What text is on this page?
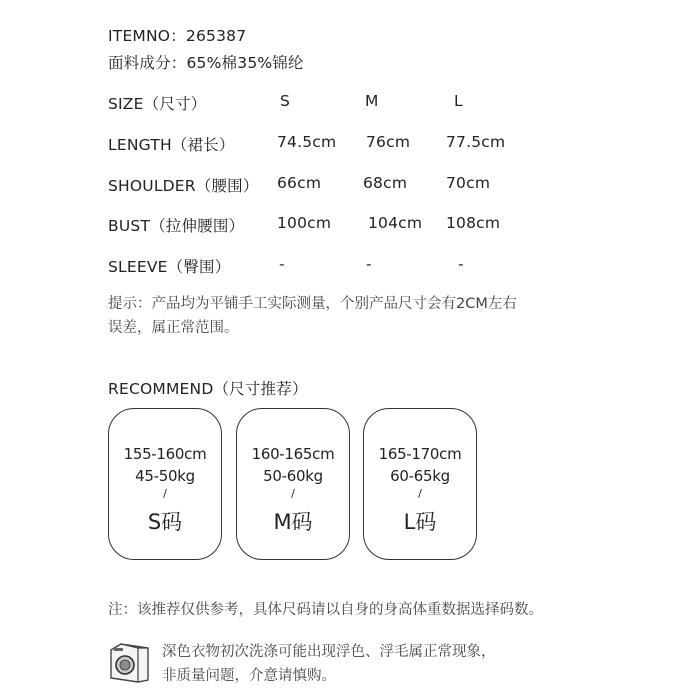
ITEMNO：265387
面料成分：65%棉35%锦纶
SIZE（尺寸）	S	M	L
LENGTH（裙长）	74.5cm 76cm 77.5cm
SHOULDER（腰围） 66cm	68cm	70cm
BUST（拉伸腰围） 100cm 104cm 108cm
SLEEVE（臀围）	-	-	-
提示：产品均为平铺手工实际测量，个别产品尺寸会有2CM左右
误差，属正常范围。
RECOMMEND（尺寸推荐）
155-160cm
45-50kg
/
S码
160-165cm
50-60kg
/
M码
165-170cm
60-65kg
/
L码
注：该推荐仅供参考，具体尺码请以自身的身高体重数据选择码数。
深色衣物初次洗涤可能出现浮色、浮毛属正常现象，
非质量问题，介意请慎购。
